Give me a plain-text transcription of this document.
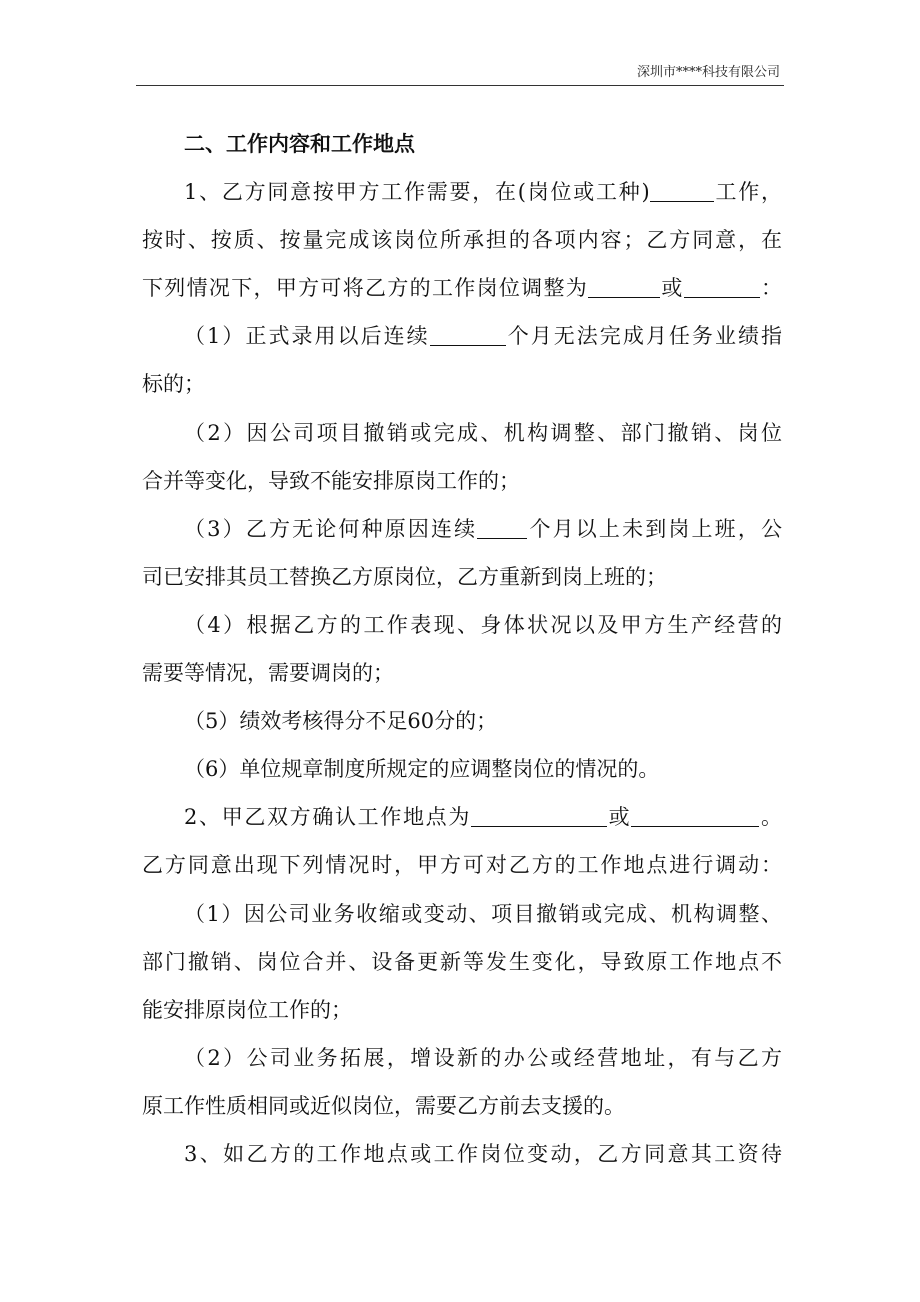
深圳市****科技有限公司
二、工作内容和工作地点
1、乙方同意按甲方工作需要，在(岗位或工种)	工作，
按时、按质、按量完成该岗位所承担的各项内容；乙方同意，在
下列情况下，甲方可将乙方的工作岗位调整为	或	：
（1）正式录用以后连续	个月无法完成月任务业绩指
标的；
（2）因公司项目撤销或完成、机构调整、部门撤销、岗位
合并等变化，导致不能安排原岗工作的；
（3）乙方无论何种原因连续 个月以上未到岗上班，公
司已安排其员工替换乙方原岗位，乙方重新到岗上班的；
（4）根据乙方的工作表现、身体状况以及甲方生产经营的
需要等情况，需要调岗的；
（5）绩效考核得分不足60分的；
（6）单位规章制度所规定的应调整岗位的情况的。
2、甲乙双方确认工作地点为	或	。
乙方同意出现下列情况时，甲方可对乙方的工作地点进行调动：
（1）因公司业务收缩或变动、项目撤销或完成、机构调整、
部门撤销、岗位合并、设备更新等发生变化，导致原工作地点不
能安排原岗位工作的；
（2）公司业务拓展，增设新的办公或经营地址，有与乙方
原工作性质相同或近似岗位，需要乙方前去支援的。
3、如乙方的工作地点或工作岗位变动，乙方同意其工资待
